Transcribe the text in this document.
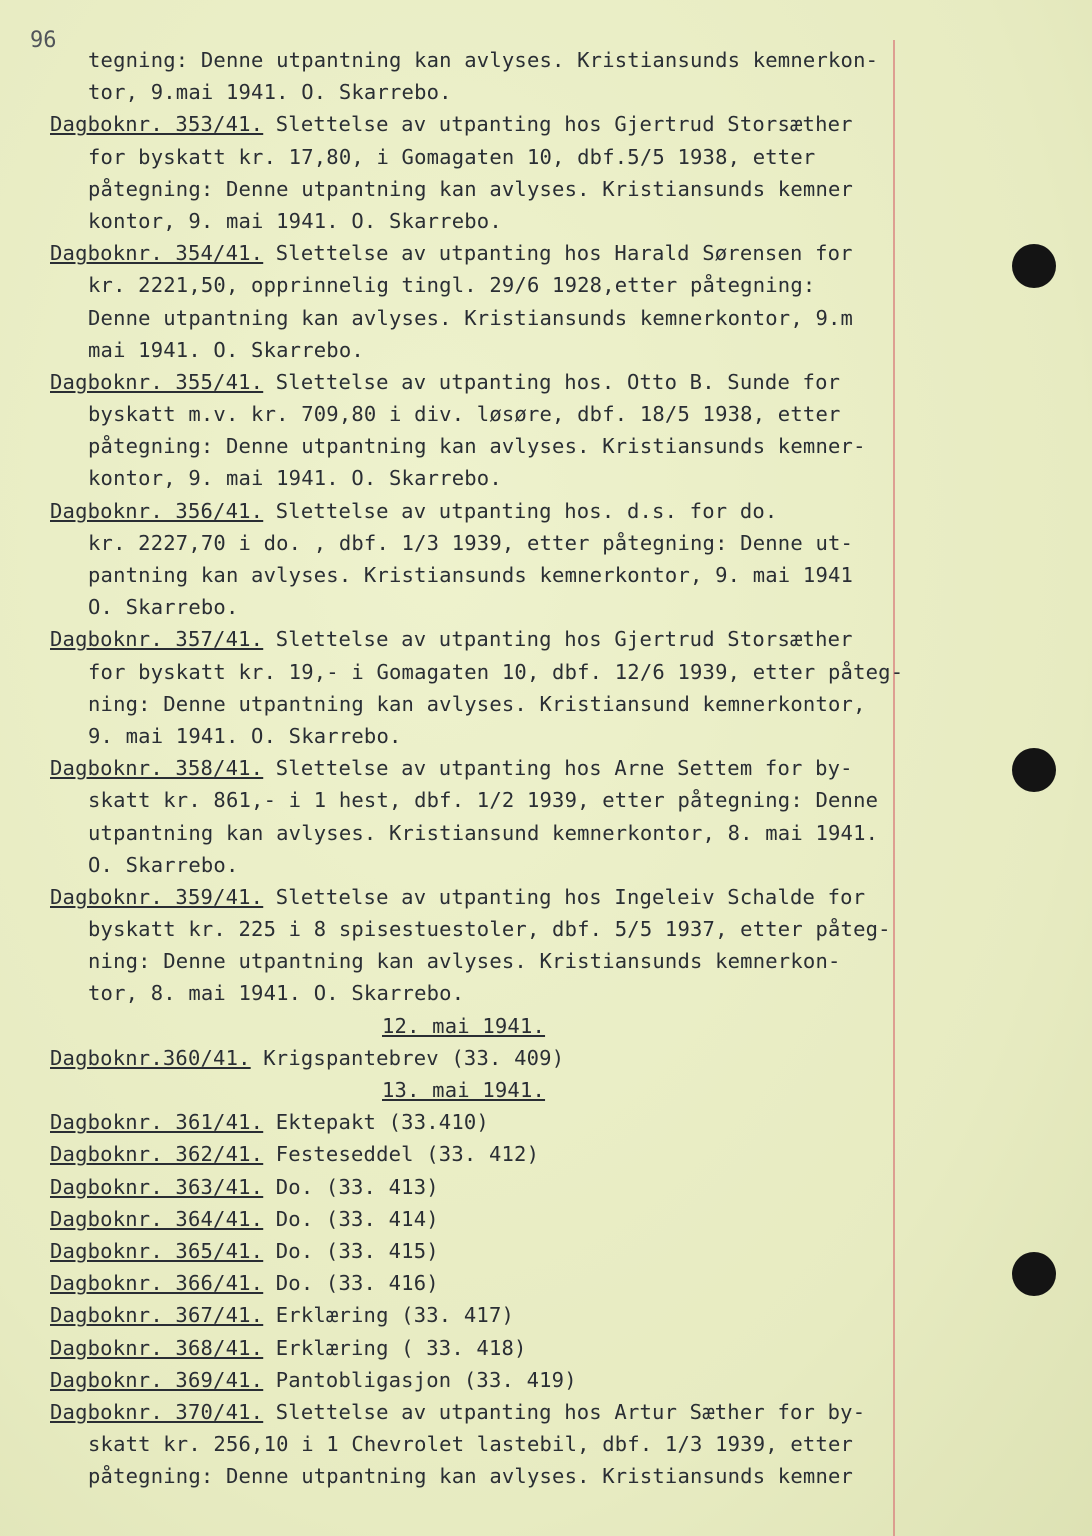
96
tegning: Denne utpantning kan avlyses. Kristiansunds kemnerkon-
tor, 9.mai 1941. O. Skarrebo.
Dagboknr. 353/41. Slettelse av utpanting hos Gjertrud Storsæther
for byskatt kr. 17,80, i Gomagaten 10, dbf.5/5 1938, etter
påtegning: Denne utpantning kan avlyses. Kristiansunds kemner
kontor, 9. mai 1941. O. Skarrebo.
Dagboknr. 354/41. Slettelse av utpanting hos Harald Sørensen for
kr. 2221,50, opprinnelig tingl. 29/6 1928,etter påtegning:
Denne utpantning kan avlyses. Kristiansunds kemnerkontor, 9.m
mai 1941. O. Skarrebo.
Dagboknr. 355/41. Slettelse av utpanting hos. Otto B. Sunde for
byskatt m.v. kr. 709,80 i div. løsøre, dbf. 18/5 1938, etter
påtegning: Denne utpantning kan avlyses. Kristiansunds kemner-
kontor, 9. mai 1941. O. Skarrebo.
Dagboknr. 356/41. Slettelse av utpanting hos. d.s. for do.
kr. 2227,70 i do. , dbf. 1/3 1939, etter påtegning: Denne ut-
pantning kan avlyses. Kristiansunds kemnerkontor, 9. mai 1941
O. Skarrebo.
Dagboknr. 357/41. Slettelse av utpanting hos Gjertrud Storsæther
for byskatt kr. 19,- i Gomagaten 10, dbf. 12/6 1939, etter påteg-
ning: Denne utpantning kan avlyses. Kristiansund kemnerkontor,
9. mai 1941. O. Skarrebo.
Dagboknr. 358/41. Slettelse av utpanting hos Arne Settem for by-
skatt kr. 861,- i 1 hest, dbf. 1/2 1939, etter påtegning: Denne
utpantning kan avlyses. Kristiansund kemnerkontor, 8. mai 1941.
O. Skarrebo.
Dagboknr. 359/41. Slettelse av utpanting hos Ingeleiv Schalde for
byskatt kr. 225 i 8 spisestuestoler, dbf. 5/5 1937, etter påteg-
ning: Denne utpantning kan avlyses. Kristiansunds kemnerkon-
tor, 8. mai 1941. O. Skarrebo.
12. mai 1941.
Dagboknr.360/41. Krigspantebrev (33. 409)
13. mai 1941.
Dagboknr. 361/41. Ektepakt (33.410)
Dagboknr. 362/41. Festeseddel (33. 412)
Dagboknr. 363/41. Do. (33. 413)
Dagboknr. 364/41. Do. (33. 414)
Dagboknr. 365/41. Do. (33. 415)
Dagboknr. 366/41. Do. (33. 416)
Dagboknr. 367/41. Erklæring (33. 417)
Dagboknr. 368/41. Erklæring ( 33. 418)
Dagboknr. 369/41. Pantobligasjon (33. 419)
Dagboknr. 370/41. Slettelse av utpanting hos Artur Sæther for by-
skatt kr. 256,10 i 1 Chevrolet lastebil, dbf. 1/3 1939, etter
påtegning: Denne utpantning kan avlyses. Kristiansunds kemner
